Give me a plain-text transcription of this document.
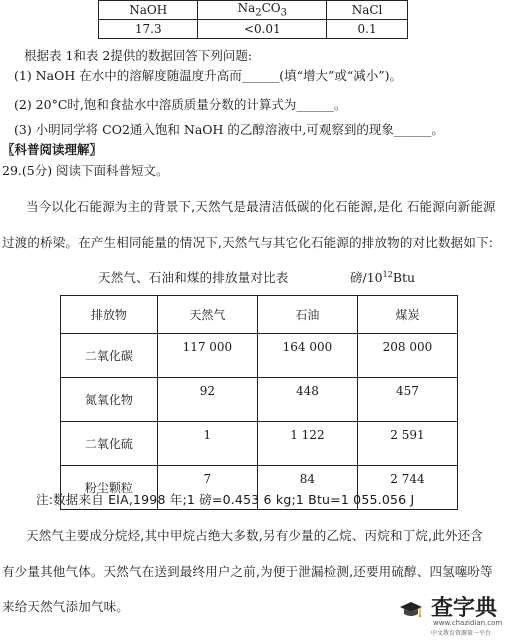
NaOH	$Na_2CO_3$	NaCl
17.3	<0.01	0.1
根据表 1和表 2提供的数据回答下列问题:
(1) NaOH 在水中的溶解度随温度升高而______(填“增大”或“减小”)。
(2) 20°C时,饱和食盐水中溶质质量分数的计算式为______。
(3) 小明同学将 CO2通入饱和 NaOH 的乙醇溶液中,可观察到的现象______。
〖科普阅读理解〗
29.(5分) 阅读下面科普短文。
当今以化石能源为主的背景下,天然气是最清洁低碳的化石能源,是化 石能源向新能源
过渡的桥梁。在产生相同能量的情况下,天然气与其它化石能源的排放物的对比数据如下:
天然气、石油和煤的排放量对比表	磅$/10^{12}Btu$
排放物	天然气	石油	煤炭
二氧化碳	117 000	164 000	208 000
氮氧化物	92	448	457
二氧化硫	1	1 122	2 591
粉尘颗粒	7	84	2 744
注:数据来自 EIA,1998 年;1 磅=0.453 6 kg;1 Btu=1 055.056 J
天然气主要成分烷烃,其中甲烷占绝大多数,另有少量的乙烷、丙烷和丁烷,此外还含
有少量其他气体。天然气在送到最终用户之前,为便于泄漏检测,还要用硫醇、四氢噻吩等
来给天然气添加气味。	查字典
www.chazidian.com
中文教育资源第一平台
